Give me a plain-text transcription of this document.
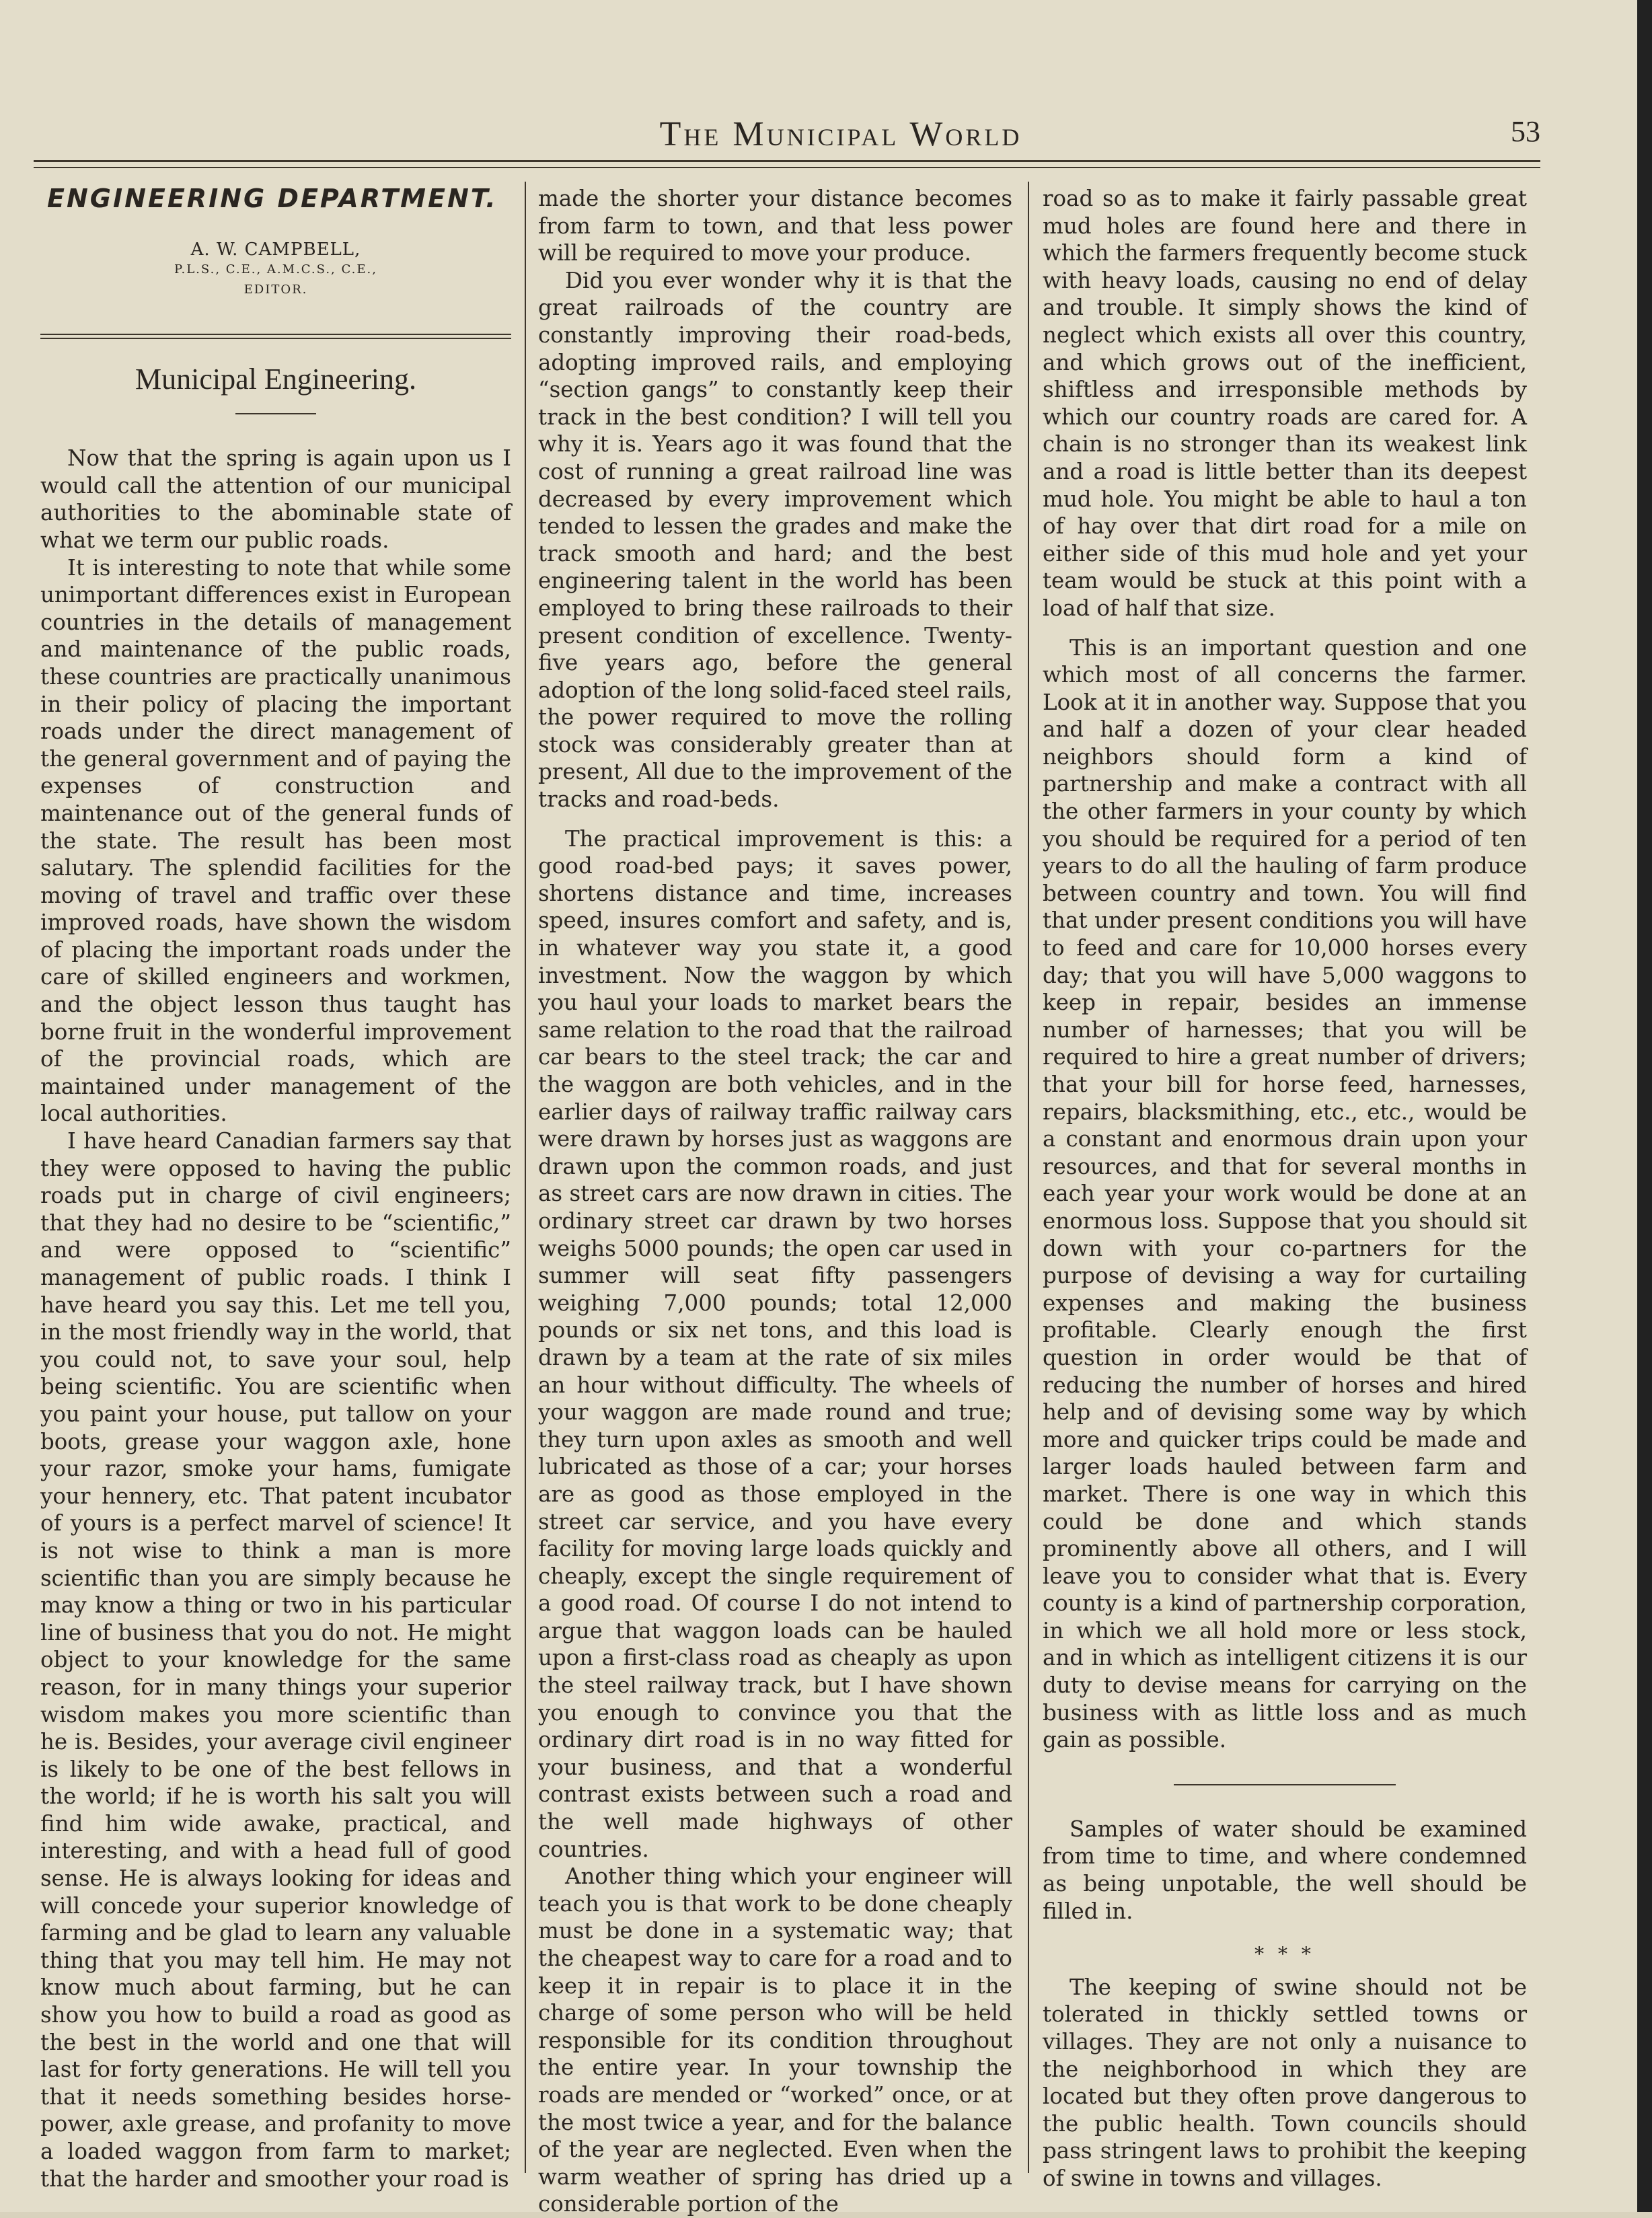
The Municipal World	53
ENGINEERING DEPARTMENT.
A. W. CAMPBELL,
P.L.S., C.E., A.M.C.S., C.E.,
EDITOR.
Municipal Engineering.

Now that the spring is again upon us I would call the attention of our municipal authorities to the abominable state of what we term our public roads.

It is interesting to note that while some unimportant differences exist in European countries in the details of management and maintenance of the public roads, these countries are practically unanimous in their policy of placing the important roads under the direct management of the general government and of paying the expenses of construction and maintenance out of the general funds of the state. The result has been most salutary. The splendid facilities for the moving of travel and traffic over these improved roads, have shown the wisdom of placing the important roads under the care of skilled engineers and workmen, and the object lesson thus taught has borne fruit in the wonderful improvement of the provincial roads, which are maintained under management of the local authorities.

I have heard Canadian farmers say that they were opposed to having the public roads put in charge of civil engineers; that they had no desire to be “scientific,” and were opposed to “scientific” management of public roads. I think I have heard you say this. Let me tell you, in the most friendly way in the world, that you could not, to save your soul, help being scientific. You are scientific when you paint your house, put tallow on your boots, grease your waggon axle, hone your razor, smoke your hams, fumigate your hennery, etc. That patent incubator of yours is a perfect marvel of science! It is not wise to think a man is more scientific than you are simply because he may know a thing or two in his particular line of business that you do not. He might object to your knowledge for the same reason, for in many things your superior wisdom makes you more scientific than he is. Besides, your average civil engineer is likely to be one of the best fellows in the world; if he is worth his salt you will find him wide awake, practical, and interesting, and with a head full of good sense. He is always looking for ideas and will concede your superior knowledge of farming and be glad to learn any valuable thing that you may tell him. He may not know much about farming, but he can show you how to build a road as good as the best in the world and one that will last for forty generations. He will tell you that it needs something besides horse-power, axle grease, and profanity to move a loaded waggon from farm to market; that the harder and smoother your road is

made the shorter your distance becomes from farm to town, and that less power will be required to move your produce.

Did you ever wonder why it is that the great railroads of the country are constantly improving their road-beds, adopting improved rails, and employing “section gangs” to constantly keep their track in the best condition? I will tell you why it is. Years ago it was found that the cost of running a great railroad line was decreased by every improvement which tended to lessen the grades and make the track smooth and hard; and the best engineering talent in the world has been employed to bring these railroads to their present condition of excellence. Twenty-five years ago, before the general adoption of the long solid-faced steel rails, the power required to move the rolling stock was considerably greater than at present, All due to the improvement of the tracks and road-beds.

The practical improvement is this: a good road-bed pays; it saves power, shortens distance and time, increases speed, insures comfort and safety, and is, in whatever way you state it, a good investment. Now the waggon by which you haul your loads to market bears the same relation to the road that the railroad car bears to the steel track; the car and the waggon are both vehicles, and in the earlier days of railway traffic railway cars were drawn by horses just as waggons are drawn upon the common roads, and just as street cars are now drawn in cities. The ordinary street car drawn by two horses weighs 5000 pounds; the open car used in summer will seat fifty passengers weighing 7,000 pounds; total 12,000 pounds or six net tons, and this load is drawn by a team at the rate of six miles an hour without difficulty. The wheels of your waggon are made round and true; they turn upon axles as smooth and well lubricated as those of a car; your horses are as good as those employed in the street car service, and you have every facility for moving large loads quickly and cheaply, except the single requirement of a good road. Of course I do not intend to argue that waggon loads can be hauled upon a first-class road as cheaply as upon the steel railway track, but I have shown you enough to convince you that the ordinary dirt road is in no way fitted for your business, and that a wonderful contrast exists between such a road and the well made highways of other countries.

Another thing which your engineer will teach you is that work to be done cheaply must be done in a systematic way; that the cheapest way to care for a road and to keep it in repair is to place it in the charge of some person who will be held responsible for its condition throughout the entire year. In your township the roads are mended or “worked” once, or at the most twice a year, and for the balance of the year are neglected. Even when the warm weather of spring has dried up a considerable portion of the

road so as to make it fairly passable great mud holes are found here and there in which the farmers frequently become stuck with heavy loads, causing no end of delay and trouble. It simply shows the kind of neglect which exists all over this country, and which grows out of the inefficient, shiftless and irresponsible methods by which our country roads are cared for. A chain is no stronger than its weakest link and a road is little better than its deepest mud hole. You might be able to haul a ton of hay over that dirt road for a mile on either side of this mud hole and yet your team would be stuck at this point with a load of half that size.

This is an important question and one which most of all concerns the farmer. Look at it in another way. Suppose that you and half a dozen of your clear headed neighbors should form a kind of partnership and make a contract with all the other farmers in your county by which you should be required for a period of ten years to do all the hauling of farm produce between country and town. You will find that under present conditions you will have to feed and care for 10,000 horses every day; that you will have 5,000 waggons to keep in repair, besides an immense number of harnesses; that you will be required to hire a great number of drivers; that your bill for horse feed, harnesses, repairs, blacksmithing, etc., etc., would be a constant and enormous drain upon your resources, and that for several months in each year your work would be done at an enormous loss. Suppose that you should sit down with your co-partners for the purpose of devising a way for curtailing expenses and making the business profitable. Clearly enough the first question in order would be that of reducing the number of horses and hired help and of devising some way by which more and quicker trips could be made and larger loads hauled between farm and market. There is one way in which this could be done and which stands prominently above all others, and I will leave you to consider what that is. Every county is a kind of partnership corporation, in which we all hold more or less stock, and in which as intelligent citizens it is our duty to devise means for carrying on the business with as little loss and as much gain as possible.

Samples of water should be examined from time to time, and where condemned as being unpotable, the well should be filled in.

* * *

The keeping of swine should not be tolerated in thickly settled towns or villages. They are not only a nuisance to the neighborhood in which they are located but they often prove dangerous to the public health. Town councils should pass stringent laws to prohibit the keeping of swine in towns and villages.
